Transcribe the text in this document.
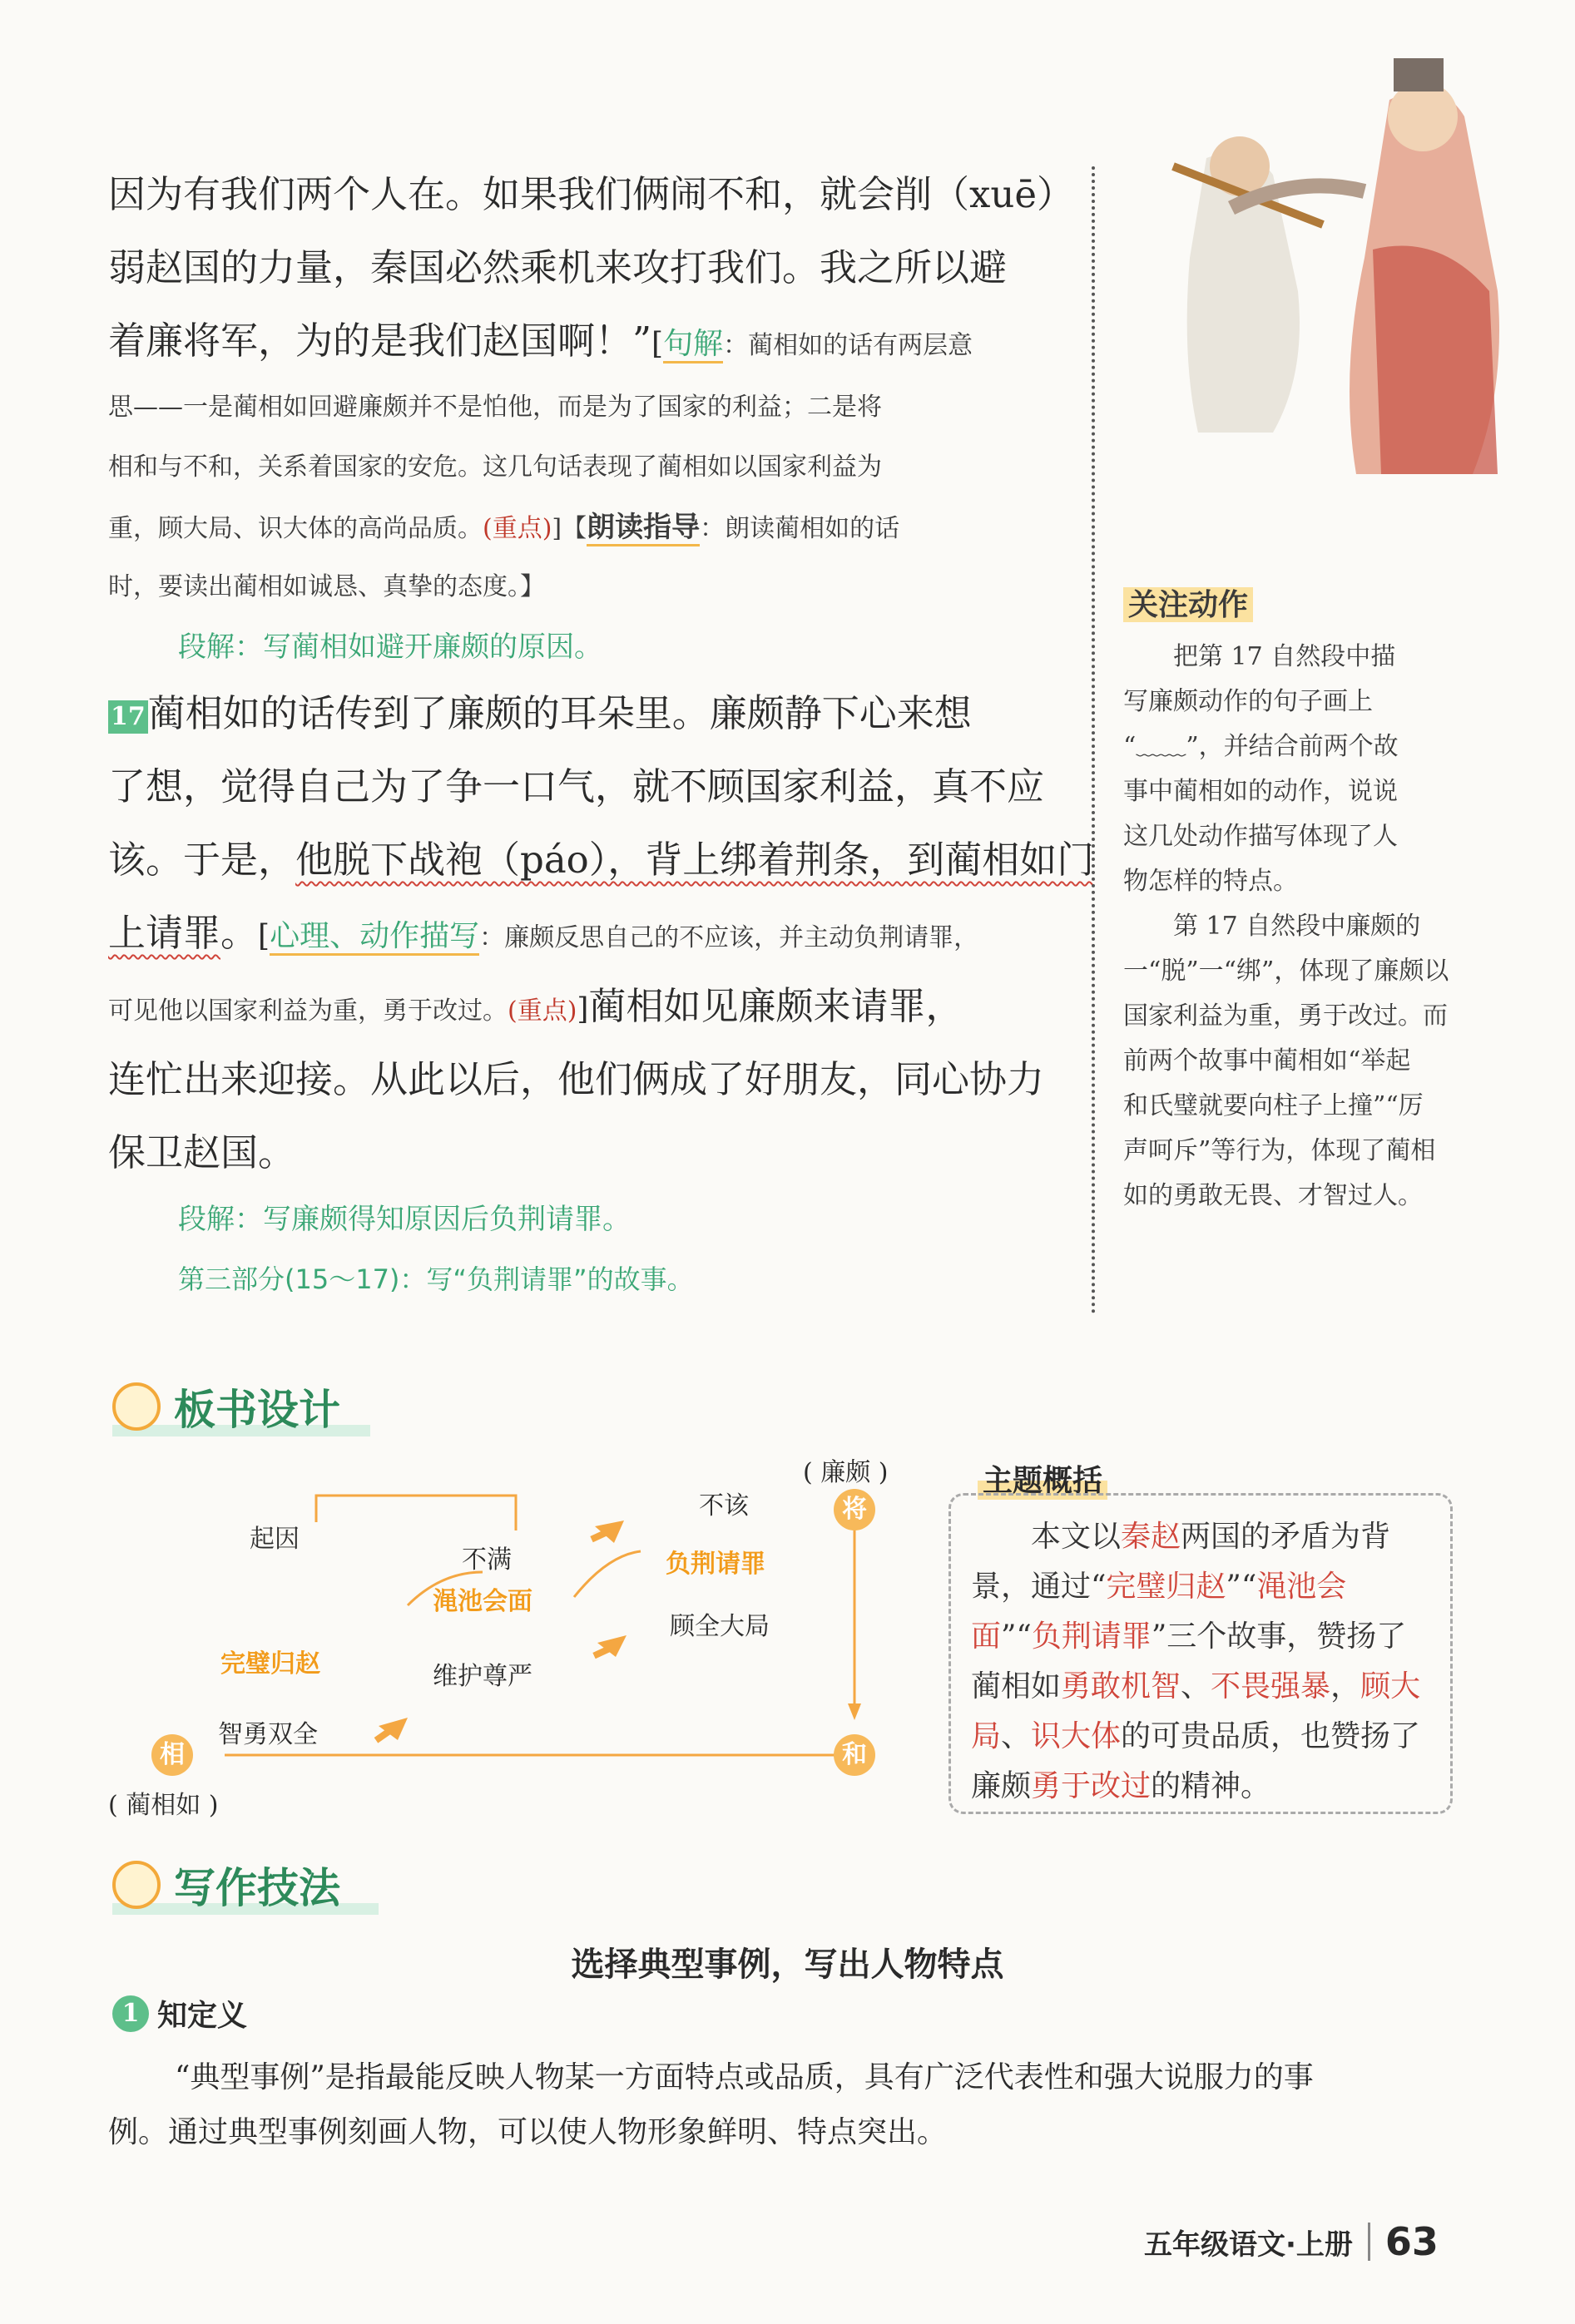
因为有我们两个人在。如果我们俩闹不和，就会削（xuē）
弱赵国的力量，秦国必然乘机来攻打我们。我之所以避
着廉将军，为的是我们赵国啊！”[句解：蔺相如的话有两层意
思——一是蔺相如回避廉颇并不是怕他，而是为了国家的利益；二是将
相和与不和，关系着国家的安危。这几句话表现了蔺相如以国家利益为
重，顾大局、识大体的高尚品质。(重点)]【朗读指导：朗读蔺相如的话
时，要读出蔺相如诚恳、真挚的态度。】
段解：写蔺相如避开廉颇的原因。
17蔺相如的话传到了廉颇的耳朵里。廉颇静下心来想
了想，觉得自己为了争一口气，就不顾国家利益，真不应
该。于是，他脱下战袍（páo），背上绑着荆条，到蔺相如门
上请罪。[心理、动作描写：廉颇反思自己的不应该，并主动负荆请罪，
可见他以国家利益为重，勇于改过。(重点)]蔺相如见廉颇来请罪，
连忙出来迎接。从此以后，他们俩成了好朋友，同心协力
保卫赵国。
段解：写廉颇得知原因后负荆请罪。
第三部分(15～17)：写“负荆请罪”的故事。
关注动作
　　把第 17 自然段中描
写廉颇动作的句子画上
“﹏﹏”，并结合前两个故
事中蔺相如的动作，说说
这几处动作描写体现了人
物怎样的特点。
　　第 17 自然段中廉颇的
一“脱”一“绑”，体现了廉颇以
国家利益为重，勇于改过。而
前两个故事中蔺相如“举起
和氏璧就要向柱子上撞”“厉
声呵斥”等行为，体现了蔺相
如的勇敢无畏、才智过人。
板书设计
起因
不满
完璧归赵
渑池会面
负荆请罪
不该
顾全大局
维护尊严
智勇双全
相
将
和
( 廉颇 )
( 蔺相如 )
主题概括
本文以秦赵两国的矛盾为背景，通过“完璧归赵”“渑池会面”“负荆请罪”三个故事，赞扬了蔺相如勇敢机智、不畏强暴，顾大局、识大体的可贵品质，也赞扬了廉颇勇于改过的精神。
写作技法
选择典型事例，写出人物特点
1 知定义
“典型事例”是指最能反映人物某一方面特点或品质，具有广泛代表性和强大说服力的事
例。通过典型事例刻画人物，可以使人物形象鲜明、特点突出。
五年级语文·上册 63
